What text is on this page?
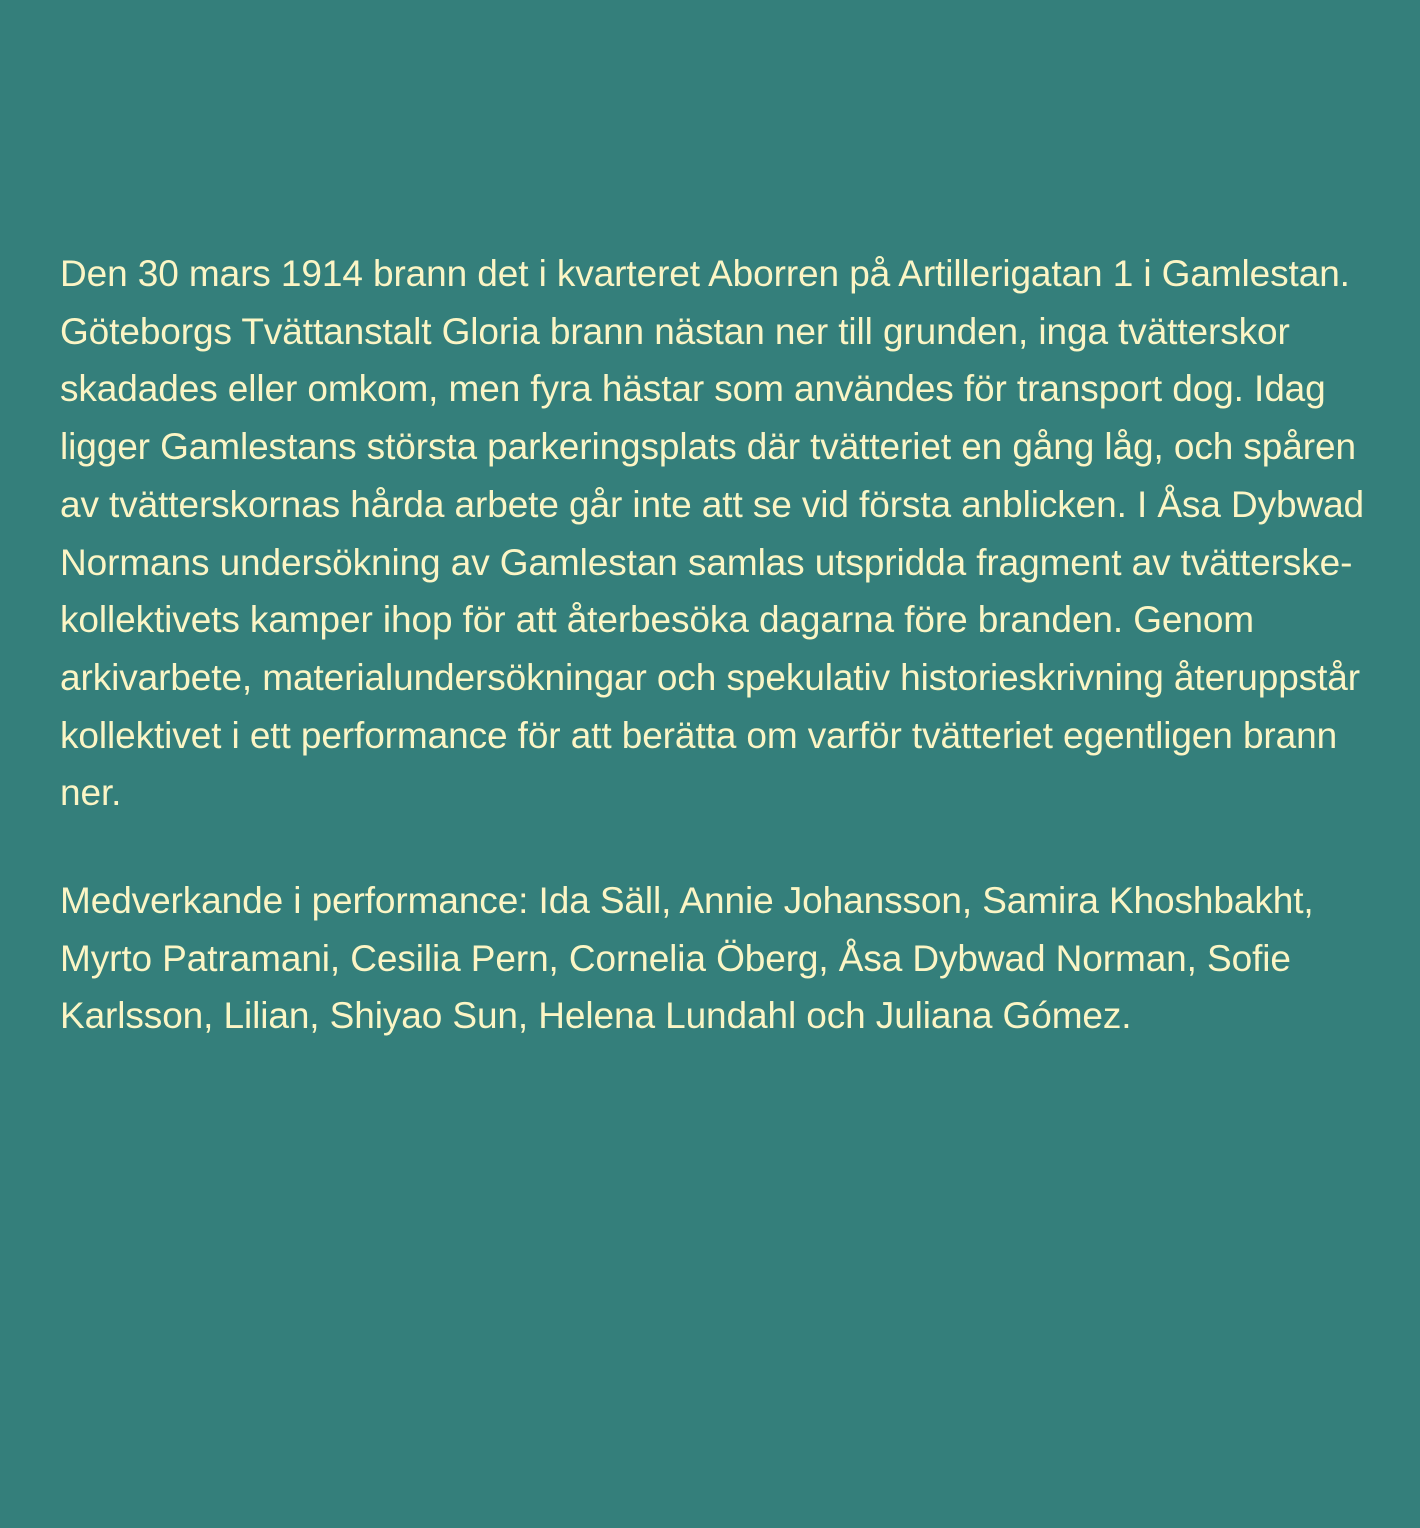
Den 30 mars 1914 brann det i kvarteret Aborren på Artillerigatan 1 i Gamlestan. Göteborgs Tvättanstalt Gloria brann nästan ner till grunden, inga tvätterskor skadades eller omkom, men fyra hästar som användes för transport dog. Idag ligger Gamlestans största parkeringsplats där tvätteriet en gång låg, och spåren av tvätterskornas hårda arbete går inte att se vid första anblicken. I Åsa Dybwad Normans undersökning av Gamlestan samlas utspridda fragment av tvätterske-kollektivets kamper ihop för att återbesöka dagarna före branden. Genom arkivarbete, materialundersökningar och spekulativ historieskrivning återuppstår kollektivet i ett performance för att berätta om varför tvätteriet egentligen brann ner.

Medverkande i performance: Ida Säll, Annie Johansson, Samira Khoshbakht, Myrto Patramani, Cesilia Pern, Cornelia Öberg, Åsa Dybwad Norman, Sofie Karlsson, Lilian, Shiyao Sun, Helena Lundahl och Juliana Gómez.
